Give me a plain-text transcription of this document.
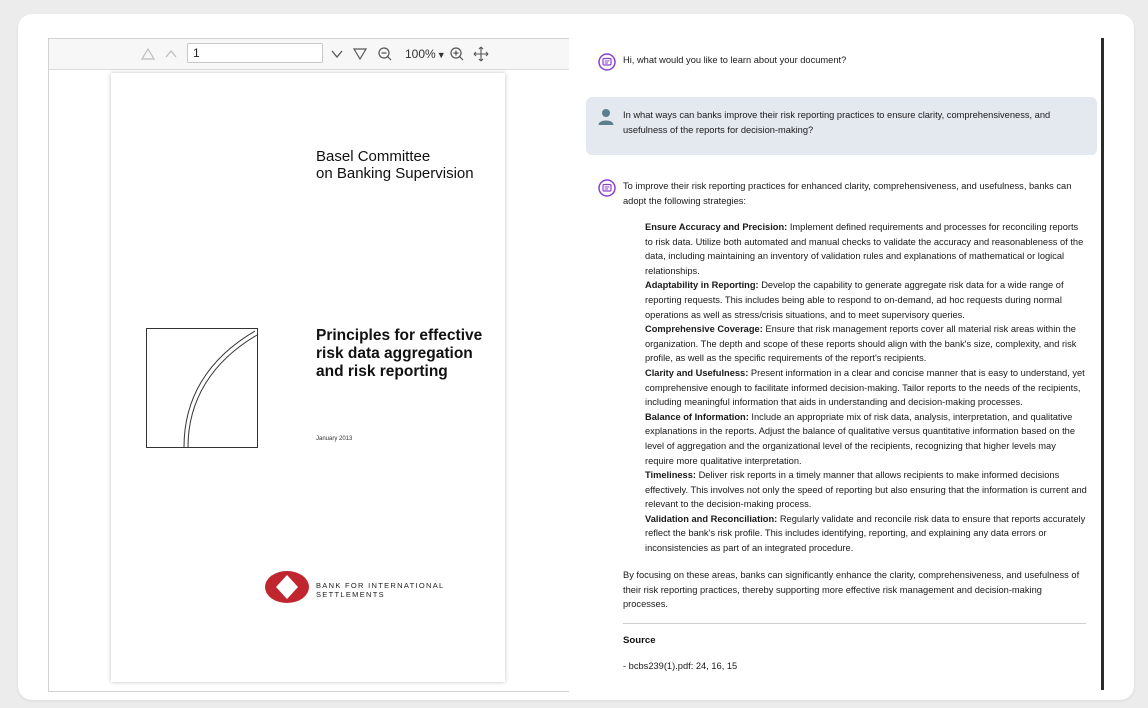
1
100%▼
Basel Committee
on Banking Supervision
Principles for effective risk data aggregation and risk reporting
January 2013
BANK FOR INTERNATIONAL SETTLEMENTS
Hi, what would you like to learn about your document?
In what ways can banks improve their risk reporting practices to ensure clarity, comprehensiveness, and usefulness of the reports for decision-making?
To improve their risk reporting practices for enhanced clarity, comprehensiveness, and usefulness, banks can adopt the following strategies:
Ensure Accuracy and Precision: Implement defined requirements and processes for reconciling reports to risk data. Utilize both automated and manual checks to validate the accuracy and reasonableness of the data, including maintaining an inventory of validation rules and explanations of mathematical or logical relationships.
Adaptability in Reporting: Develop the capability to generate aggregate risk data for a wide range of reporting requests. This includes being able to respond to on-demand, ad hoc requests during normal operations as well as stress/crisis situations, and to meet supervisory queries.
Comprehensive Coverage: Ensure that risk management reports cover all material risk areas within the organization. The depth and scope of these reports should align with the bank's size, complexity, and risk profile, as well as the specific requirements of the report's recipients.
Clarity and Usefulness: Present information in a clear and concise manner that is easy to understand, yet comprehensive enough to facilitate informed decision-making. Tailor reports to the needs of the recipients, including meaningful information that aids in understanding and decision-making processes.
Balance of Information: Include an appropriate mix of risk data, analysis, interpretation, and qualitative explanations in the reports. Adjust the balance of qualitative versus quantitative information based on the level of aggregation and the organizational level of the recipients, recognizing that higher levels may require more qualitative interpretation.
Timeliness: Deliver risk reports in a timely manner that allows recipients to make informed decisions effectively. This involves not only the speed of reporting but also ensuring that the information is current and relevant to the decision-making process.
Validation and Reconciliation: Regularly validate and reconcile risk data to ensure that reports accurately reflect the bank's risk profile. This includes identifying, reporting, and explaining any data errors or inconsistencies as part of an integrated procedure.
By focusing on these areas, banks can significantly enhance the clarity, comprehensiveness, and usefulness of their risk reporting practices, thereby supporting more effective risk management and decision-making processes.
Source
- bcbs239(1).pdf: 24, 16, 15
